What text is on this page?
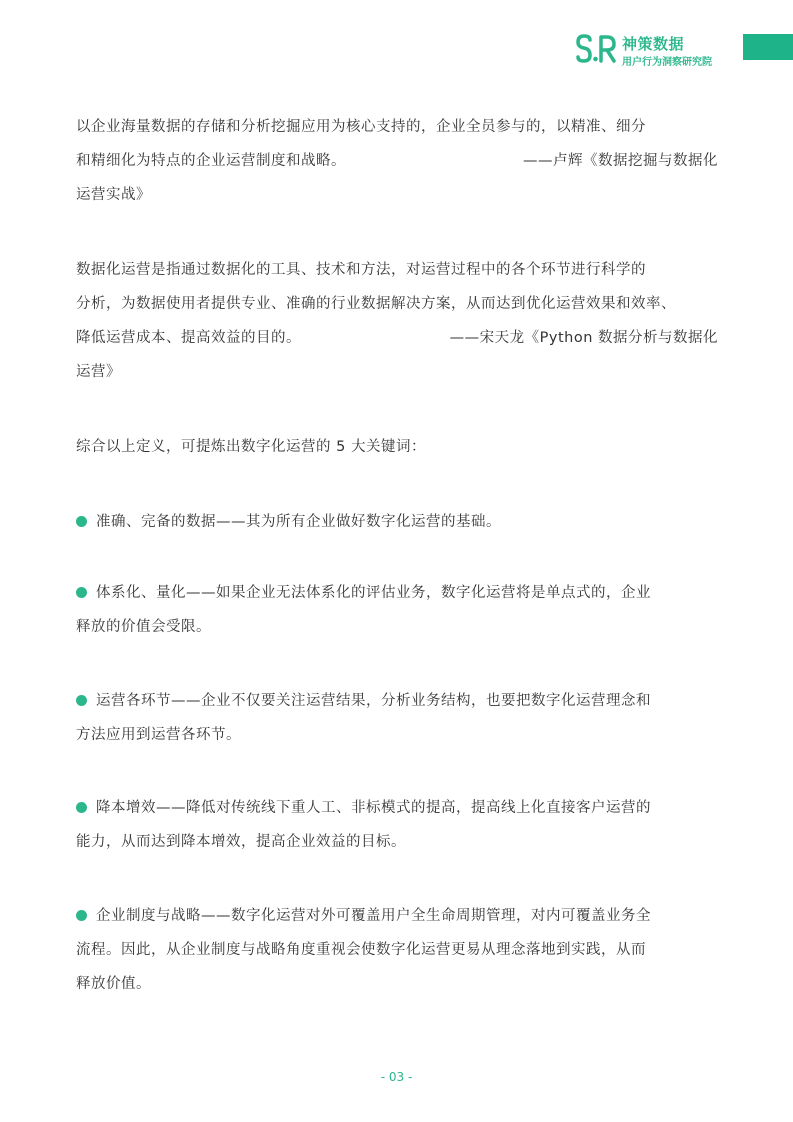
神策数据
用户行为洞察研究院
以企业海量数据的存储和分析挖掘应用为核心支持的，企业全员参与的，以精准、细分
和精细化为特点的企业运营制度和战略。	——卢辉《数据挖掘与数据化
运营实战》
数据化运营是指通过数据化的工具、技术和方法，对运营过程中的各个环节进行科学的
分析，为数据使用者提供专业、准确的行业数据解决方案，从而达到优化运营效果和效率、
降低运营成本、提高效益的目的。	——宋天龙《Python 数据分析与数据化
运营》
综合以上定义，可提炼出数字化运营的 5 大关键词：
准确、完备的数据——其为所有企业做好数字化运营的基础。
体系化、量化——如果企业无法体系化的评估业务，数字化运营将是单点式的，企业
释放的价值会受限。
运营各环节——企业不仅要关注运营结果，分析业务结构，也要把数字化运营理念和
方法应用到运营各环节。
降本增效——降低对传统线下重人工、非标模式的提高，提高线上化直接客户运营的
能力，从而达到降本增效，提高企业效益的目标。
企业制度与战略——数字化运营对外可覆盖用户全生命周期管理，对内可覆盖业务全
流程。因此，从企业制度与战略角度重视会使数字化运营更易从理念落地到实践，从而
释放价值。
- 03 -
